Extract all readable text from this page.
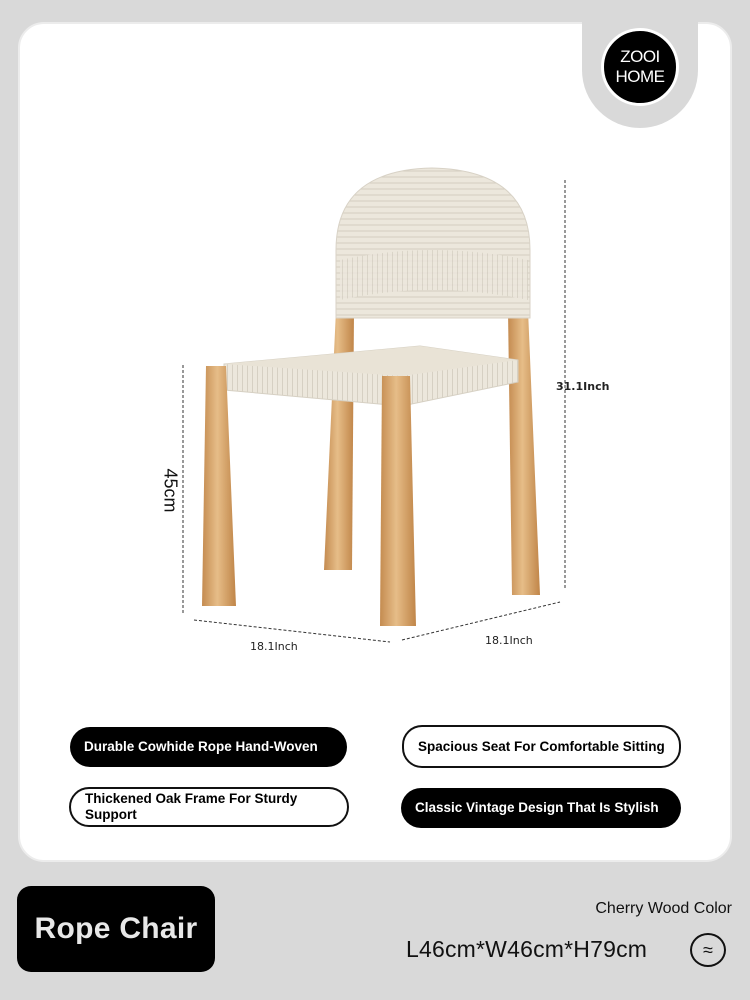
ZOOI
HOME
45cm
31.1Inch
18.1Inch	18.1Inch
Durable Cowhide Rope Hand-Woven	Spacious Seat For Comfortable Sitting
Thickened Oak Frame For Sturdy Support	Classic Vintage Design That Is Stylish
Rope Chair
Cherry Wood Color
L46cm*W46cm*H79cm	≈
